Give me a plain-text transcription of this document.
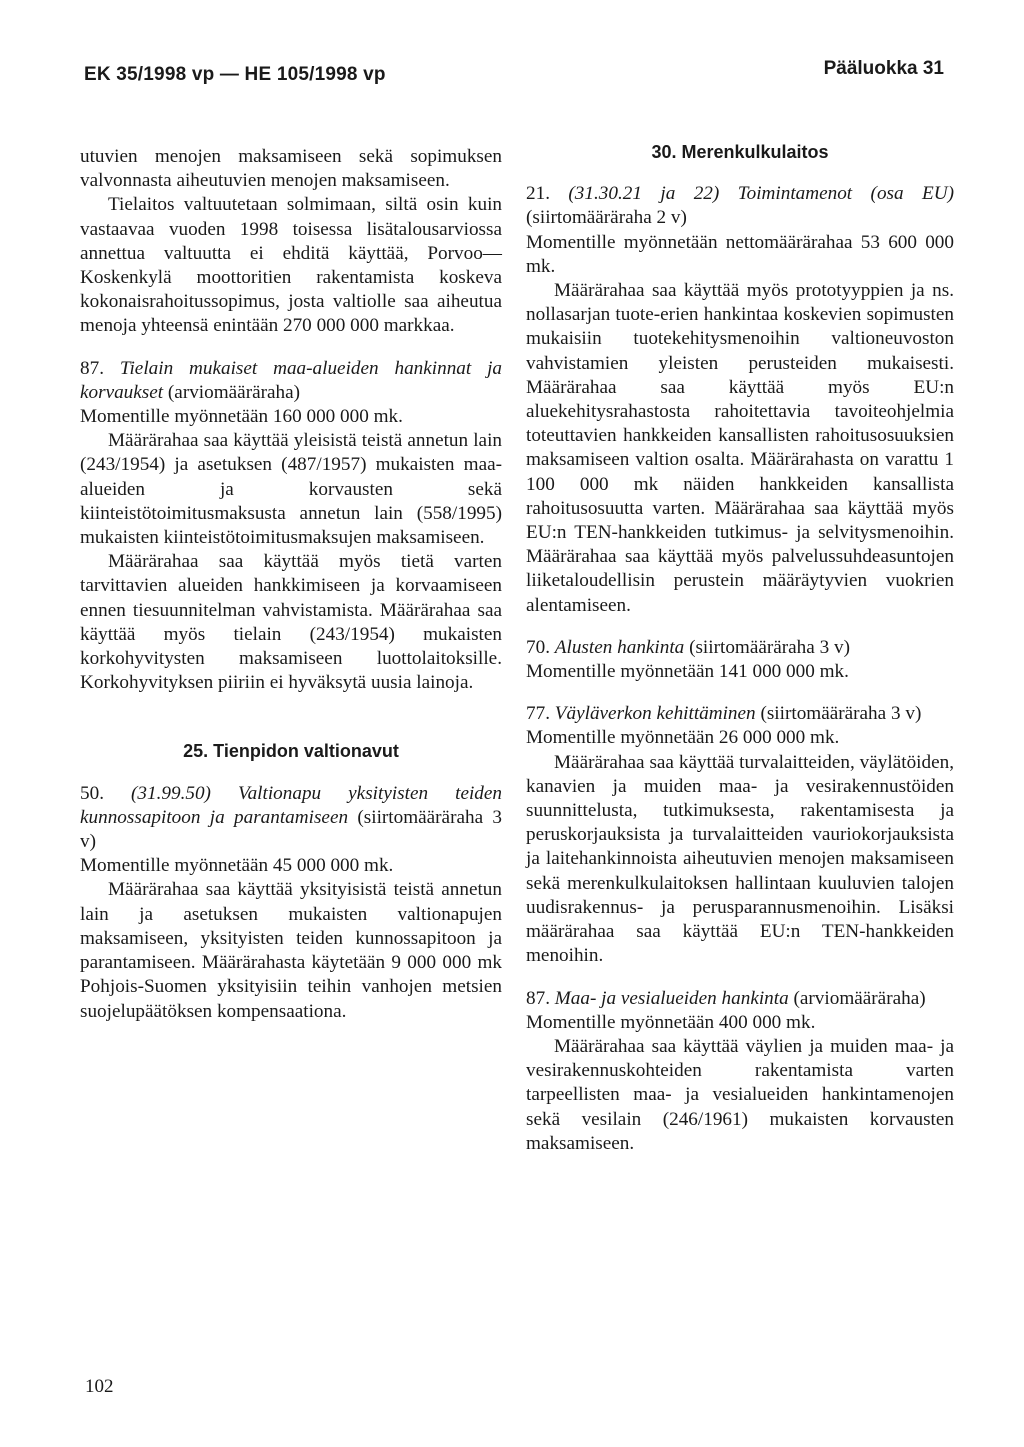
EK 35/1998 vp — HE 105/1998 vp	Pääluokka 31

utuvien menojen maksamiseen sekä sopimuksen valvonnasta aiheutuvien menojen maksamiseen.

Tielaitos valtuutetaan solmimaan, siltä osin kuin vastaavaa vuoden 1998 toisessa lisätalousarviossa annettua valtuutta ei ehditä käyttää, Porvoo—Koskenkylä moottoritien rakentamista koskeva kokonaisrahoitussopimus, josta valtiolle saa aiheutua menoja yhteensä enintään 270 000 000 markkaa.

87. Tielain mukaiset maa-alueiden hankinnat ja korvaukset (arviomääräraha)

Momentille myönnetään 160 000 000 mk.

Määrärahaa saa käyttää yleisistä teistä annetun lain (243/1954) ja asetuksen (487/1957) mukaisten maa-alueiden ja korvausten sekä kiinteistötoimitusmaksusta annetun lain (558/1995) mukaisten kiinteistötoimitusmaksujen maksamiseen.

Määrärahaa saa käyttää myös tietä varten tarvittavien alueiden hankkimiseen ja korvaamiseen ennen tiesuunnitelman vahvistamista. Määrärahaa saa käyttää myös tielain (243/1954) mukaisten korkohyvitysten maksamiseen luottolaitoksille. Korkohyvityksen piiriin ei hyväksytä uusia lainoja.

25. Tienpidon valtionavut

50. (31.99.50) Valtionapu yksityisten teiden kunnossapitoon ja parantamiseen (siirtomääräraha 3 v)

Momentille myönnetään 45 000 000 mk.

Määrärahaa saa käyttää yksityisistä teistä annetun lain ja asetuksen mukaisten valtionapujen maksamiseen, yksityisten teiden kunnossapitoon ja parantamiseen. Määrärahasta käytetään 9 000 000 mk Pohjois-Suomen yksityisiin teihin vanhojen metsien suojelupäätöksen kompensaationa.

30. Merenkulkulaitos

21. (31.30.21 ja 22) Toimintamenot (osa EU) (siirtomääräraha 2 v)

Momentille myönnetään nettomäärärahaa 53 600 000 mk.

Määrärahaa saa käyttää myös prototyyppien ja ns. nollasarjan tuote-erien hankintaa koskevien sopimusten mukaisiin tuotekehitysmenoihin valtioneuvoston vahvistamien yleisten perusteiden mukaisesti. Määrärahaa saa käyttää myös EU:n aluekehitysrahastosta rahoitettavia tavoiteohjelmia toteuttavien hankkeiden kansallisten rahoitusosuuksien maksamiseen valtion osalta. Määrärahasta on varattu 1 100 000 mk näiden hankkeiden kansallista rahoitusosuutta varten. Määrärahaa saa käyttää myös EU:n TEN-hankkeiden tutkimus- ja selvitysmenoihin. Määrärahaa saa käyttää myös palvelussuhdeasuntojen liiketaloudellisin perustein määräytyvien vuokrien alentamiseen.

70. Alusten hankinta (siirtomääräraha 3 v)

Momentille myönnetään 141 000 000 mk.

77. Väyläverkon kehittäminen (siirtomääräraha 3 v)

Momentille myönnetään 26 000 000 mk.

Määrärahaa saa käyttää turvalaitteiden, väylätöiden, kanavien ja muiden maa- ja vesirakennustöiden suunnittelusta, tutkimuksesta, rakentamisesta ja peruskorjauksista ja turvalaitteiden vauriokorjauksista ja laitehankinnoista aiheutuvien menojen maksamiseen sekä merenkulkulaitoksen hallintaan kuuluvien talojen uudisrakennus- ja perusparannusmenoihin. Lisäksi määrärahaa saa käyttää EU:n TEN-hankkeiden menoihin.

87. Maa- ja vesialueiden hankinta (arviomääräraha)

Momentille myönnetään 400 000 mk.

Määrärahaa saa käyttää väylien ja muiden maa- ja vesirakennuskohteiden rakentamista varten tarpeellisten maa- ja vesialueiden hankintamenojen sekä vesilain (246/1961) mukaisten korvausten maksamiseen.

102
